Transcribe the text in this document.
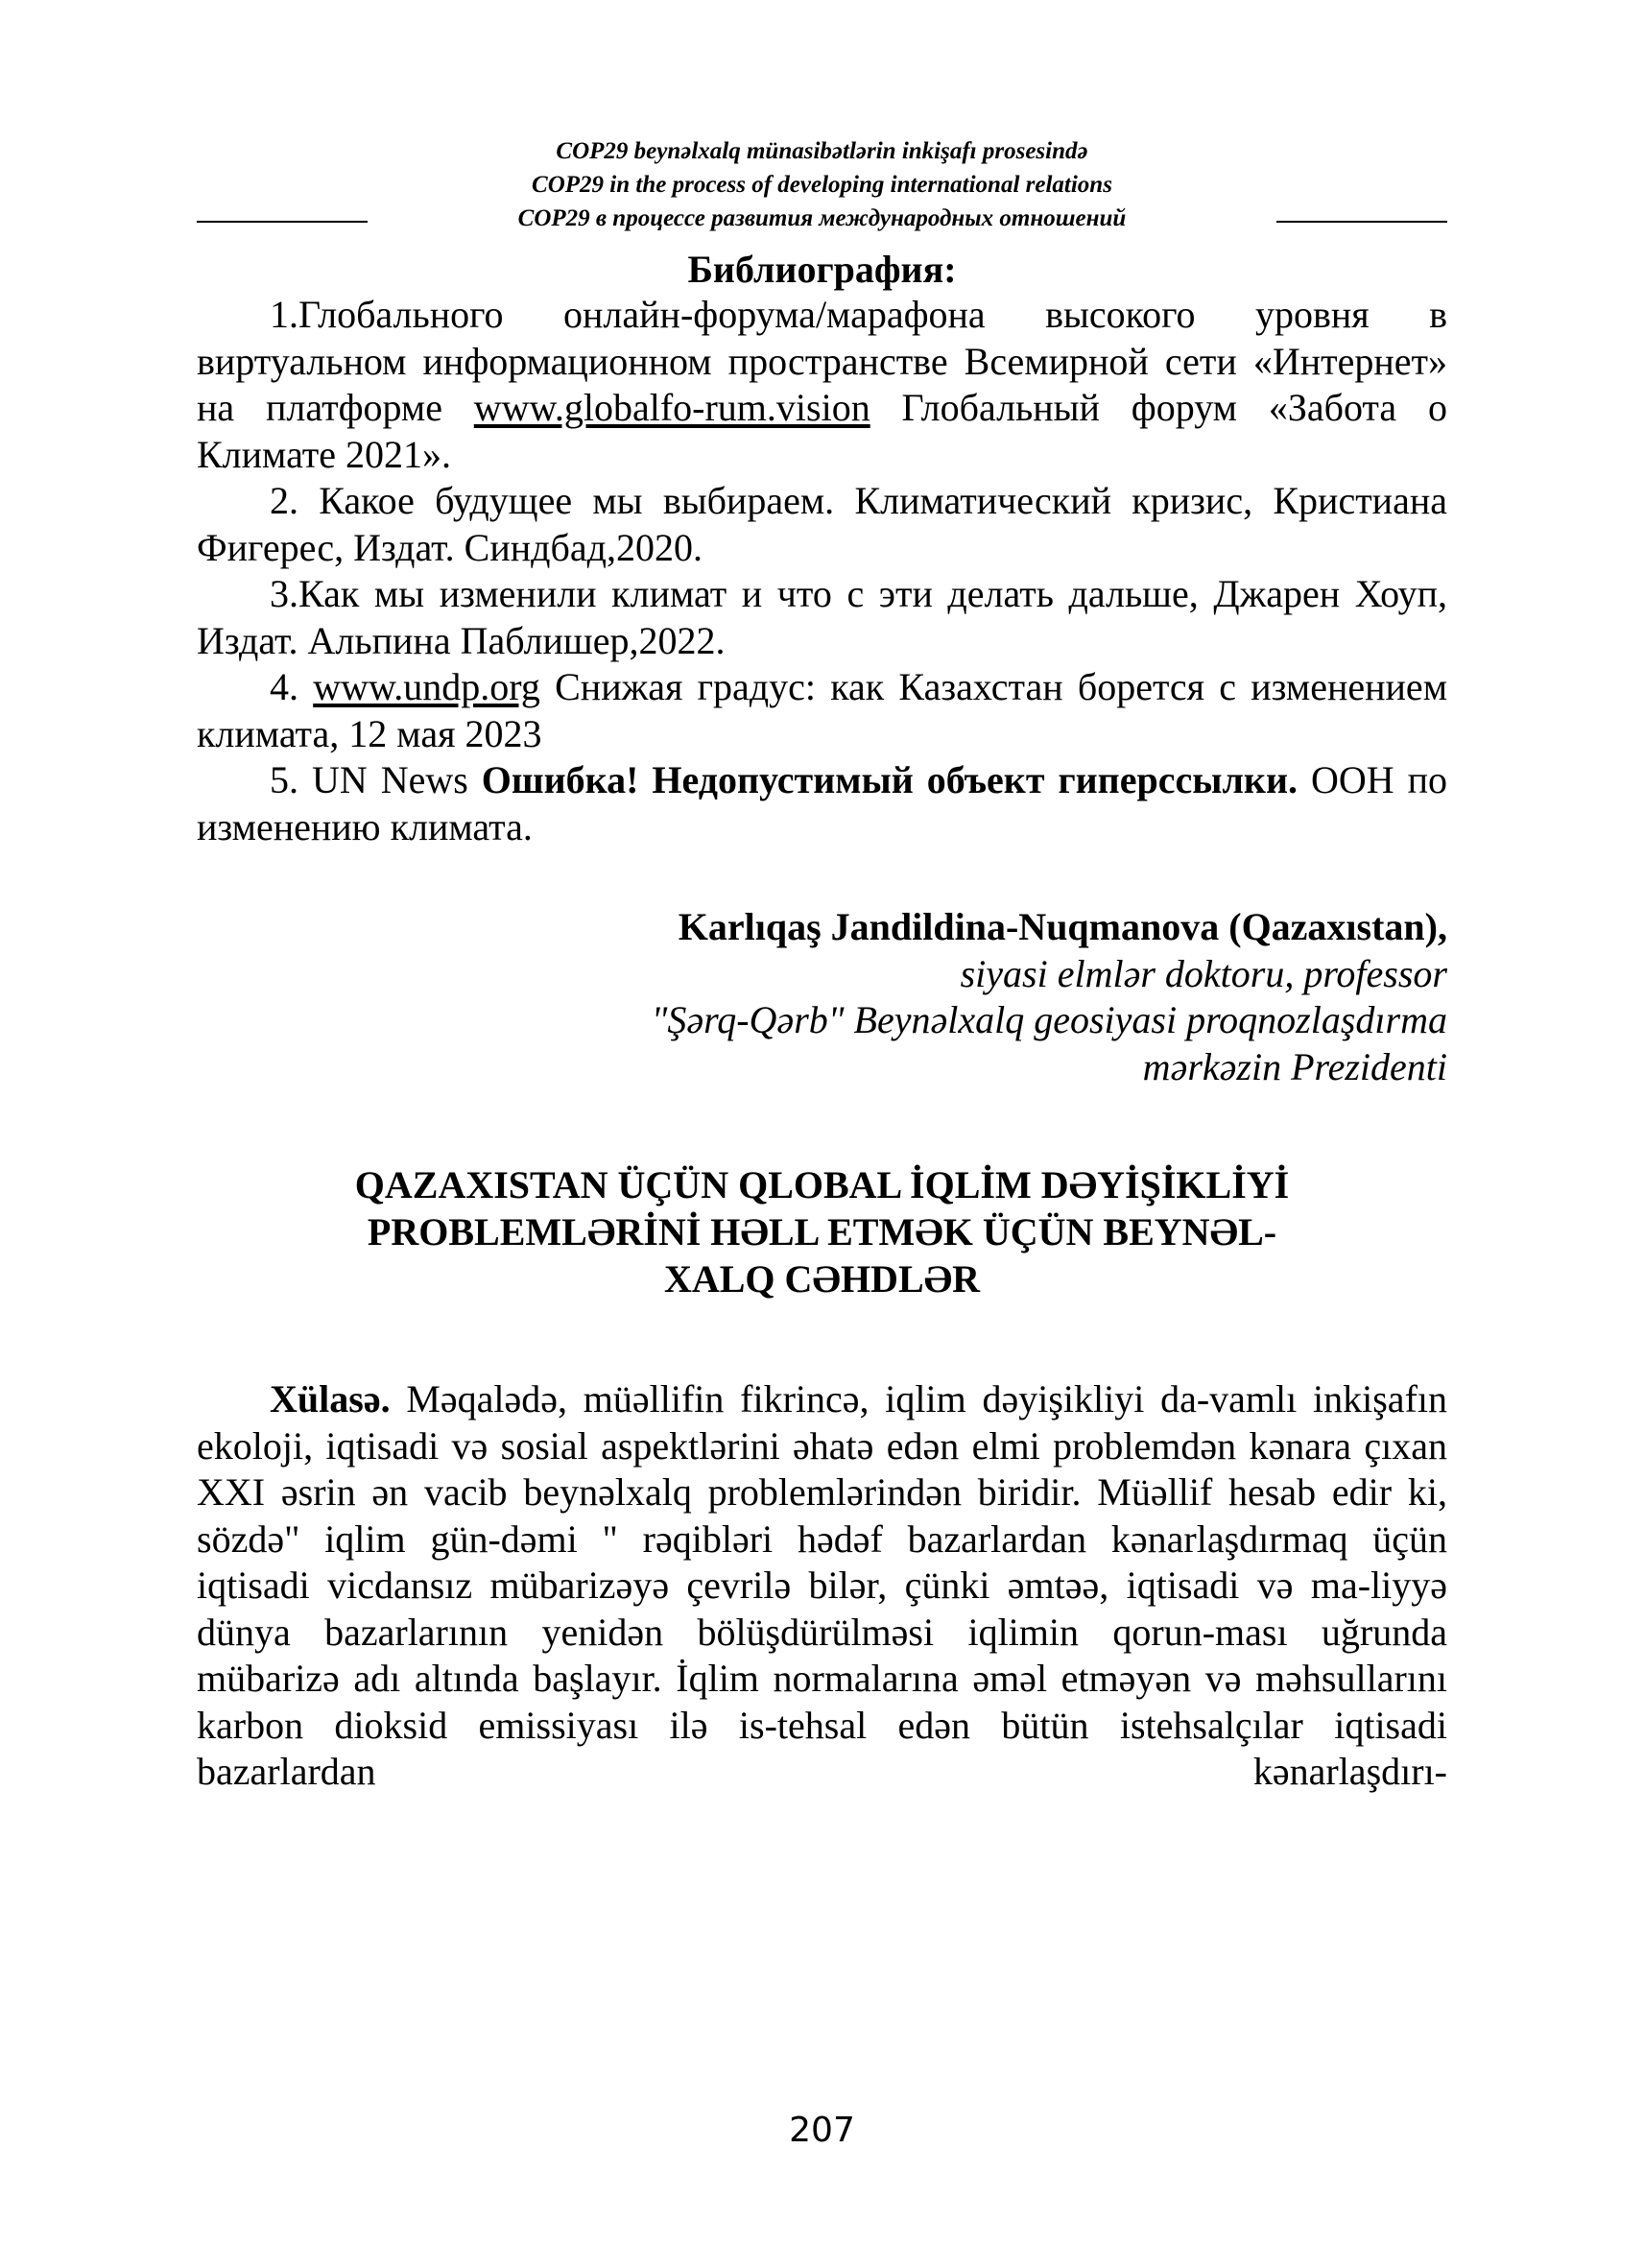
COP29 beynəlxalq münasibətlərin inkişafı prosesində
COP29 in the process of developing international relations
COP29 в процессе развития международных отношений
Библиография:

1.Глобального онлайн-форума/марафона высокого уровня в виртуальном информационном пространстве Всемирной сети «Интернет» на платформе www.globalfo-rum.vision Глобальный форум «Забота о Климате 2021».

2. Какое будущее мы выбираем. Климатический кризис, Кристиана Фигерес, Издат. Синдбад,2020.

3.Как мы изменили климат и что с эти делать дальше, Джарен Хоуп, Издат. Альпина Паблишер,2022.

4. www.undp.org Снижая градус: как Казахстан борется с изменением климата, 12 мая 2023

5. UN News Ошибка! Недопустимый объект гиперссылки. ООН по изменению климата.

Karlıqaş Jandildina-Nuqmanova (Qazaxıstan),
siyasi elmlər doktoru, professor
"Şərq-Qərb" Beynəlxalq geosiyasi proqnozlaşdırma
mərkəzin Prezidenti
QAZAXISTAN ÜÇÜN QLOBAL İQLİM DƏYİŞİKLİYİ
PROBLEMLƏRİNİ HƏLL ETMƏK ÜÇÜN BEYNƏL-
XALQ CƏHDLƏR

Xülasə. Məqalədə, müəllifin fikrincə, iqlim dəyişikliyi da-vamlı inkişafın ekoloji, iqtisadi və sosial aspektlərini əhatə edən elmi problemdən kənara çıxan XXI əsrin ən vacib beynəlxalq problemlərindən biridir. Müəllif hesab edir ki, sözdə" iqlim gün-dəmi " rəqibləri hədəf bazarlardan kənarlaşdırmaq üçün iqtisadi vicdansız mübarizəyə çevrilə bilər, çünki əmtəə, iqtisadi və ma-liyyə dünya bazarlarının yenidən bölüşdürülməsi iqlimin qorun-ması uğrunda mübarizə adı altında başlayır. İqlim normalarına əməl etməyən və məhsullarını karbon dioksid emissiyası ilə is-tehsal edən bütün istehsalçılar iqtisadi bazarlardan kənarlaşdırı-

207
